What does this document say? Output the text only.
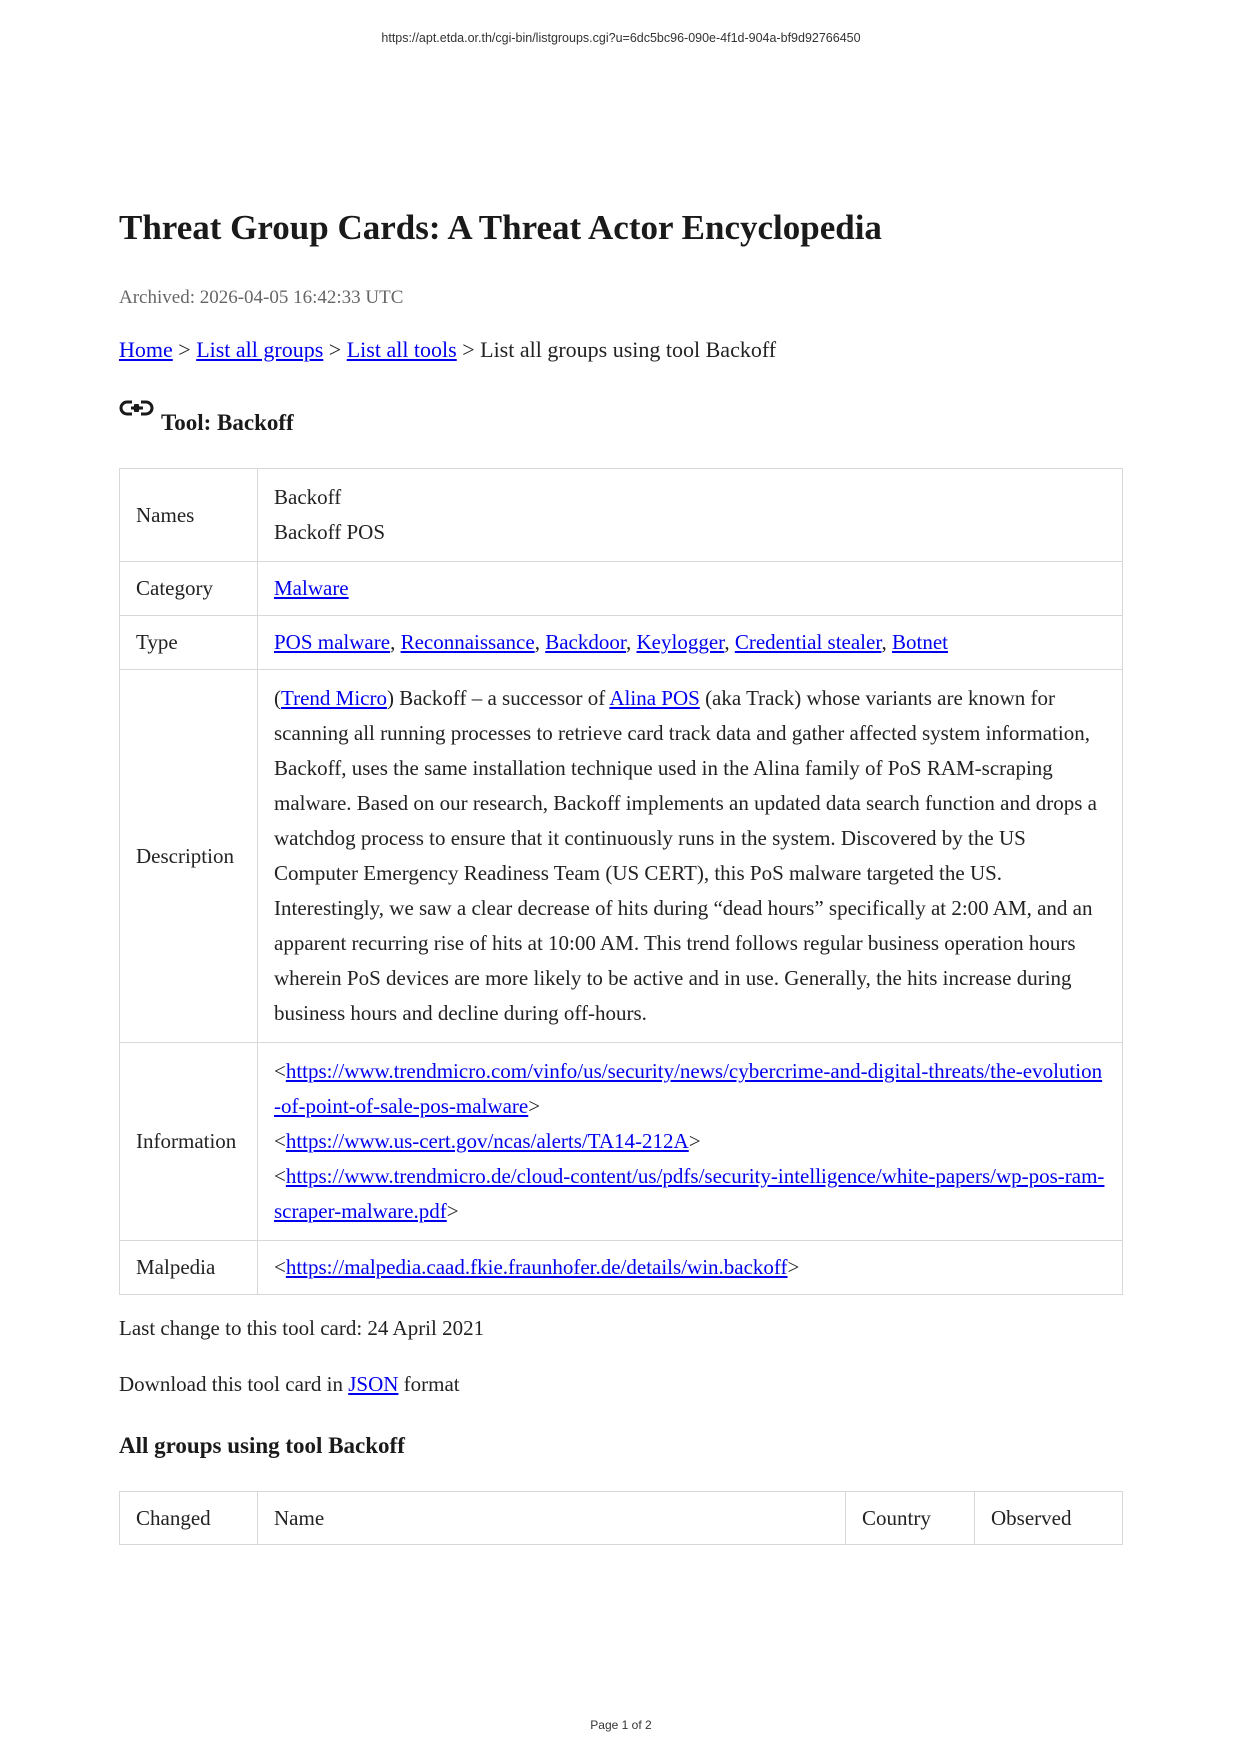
https://apt.etda.or.th/cgi-bin/listgroups.cgi?u=6dc5bc96-090e-4f1d-904a-bf9d92766450
Threat Group Cards: A Threat Actor Encyclopedia
Archived: 2026-04-05 16:42:33 UTC
Home > List all groups > List all tools > List all groups using tool Backoff
Tool: Backoff
Names	Backoff
Backoff POS

Category	Malware
Type	POS malware, Reconnaissance, Backdoor, Keylogger, Credential stealer, Botnet
Description	(Trend Micro) Backoff – a successor of Alina POS (aka Track) whose variants are known for scanning all running processes to retrieve card track data and gather affected system information, Backoff, uses the same installation technique used in the Alina family of PoS RAM-scraping malware. Based on our research, Backoff implements an updated data search function and drops a watchdog process to ensure that it continuously runs in the system. Discovered by the US Computer Emergency Readiness Team (US CERT), this PoS malware targeted the US. Interestingly, we saw a clear decrease of hits during “dead hours” specifically at 2:00 AM, and an apparent recurring rise of hits at 10:00 AM. This trend follows regular business operation hours wherein PoS devices are more likely to be active and in use. Generally, the hits increase during business hours and decline during off-hours.
Information	<https://www.trendmicro.com/vinfo/us/security/news/cybercrime-and-digital-threats/the-evolution-of-point-of-sale-pos-malware>
<https://www.us-cert.gov/ncas/alerts/TA14-212A>
<https://www.trendmicro.de/cloud-content/us/pdfs/security-intelligence/white-papers/wp-pos-ram-scraper-malware.pdf>

Malpedia	<https://malpedia.caad.fkie.fraunhofer.de/details/win.backoff>
Last change to this tool card: 24 April 2021
Download this tool card in JSON format
All groups using tool Backoff
Changed	Name	Country	Observed
Page 1 of 2
